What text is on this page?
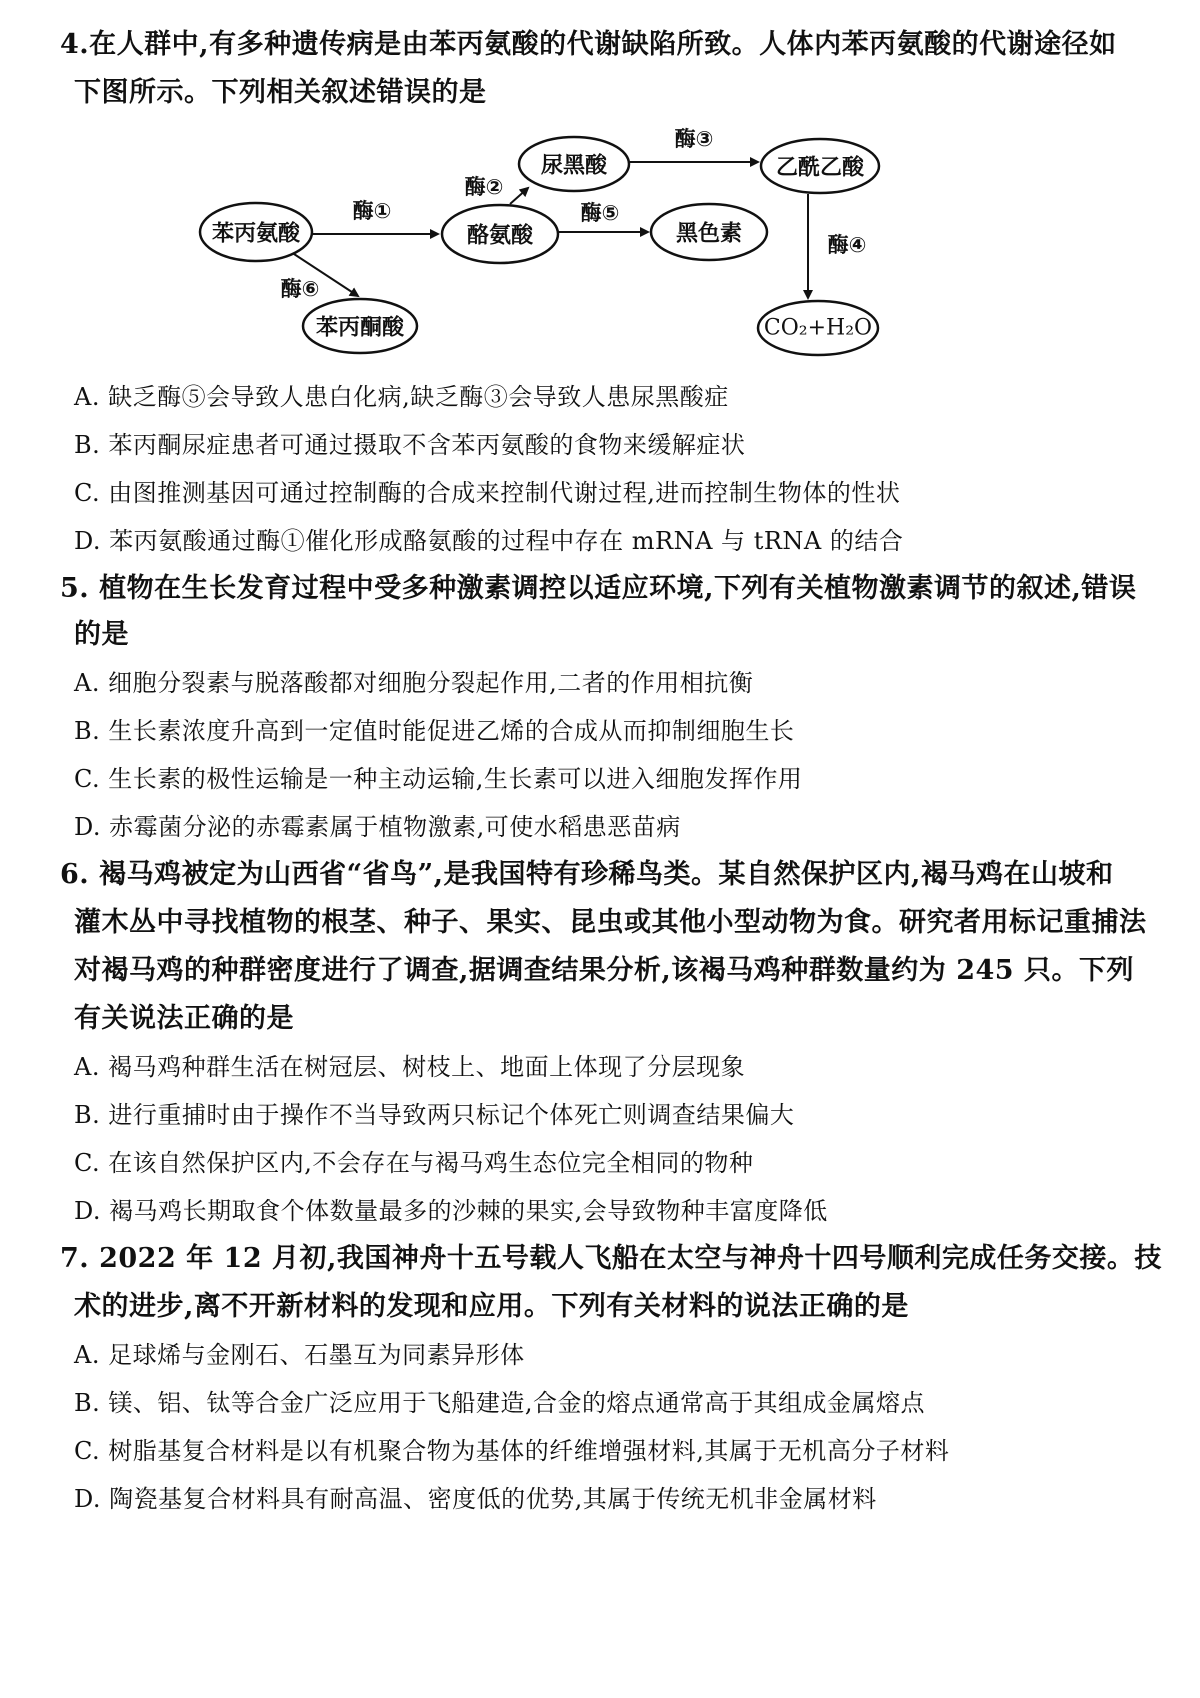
4.在人群中,有多种遗传病是由苯丙氨酸的代谢缺陷所致。人体内苯丙氨酸的代谢途径如
下图所示。下列相关叙述错误的是
苯丙氨酸	酪氨酸
尿黑酸	乙酰乙酸
黑色素
CO₂+H₂O
苯丙酮酸
酶①
酶②
酶③
酶④
酶⑤
酶⑥
A. 缺乏酶⑤会导致人患白化病,缺乏酶③会导致人患尿黑酸症
B. 苯丙酮尿症患者可通过摄取不含苯丙氨酸的食物来缓解症状
C. 由图推测基因可通过控制酶的合成来控制代谢过程,进而控制生物体的性状
D. 苯丙氨酸通过酶①催化形成酪氨酸的过程中存在 mRNA 与 tRNA 的结合
5. 植物在生长发育过程中受多种激素调控以适应环境,下列有关植物激素调节的叙述,错误
的是
A. 细胞分裂素与脱落酸都对细胞分裂起作用,二者的作用相抗衡
B. 生长素浓度升高到一定值时能促进乙烯的合成从而抑制细胞生长
C. 生长素的极性运输是一种主动运输,生长素可以进入细胞发挥作用
D. 赤霉菌分泌的赤霉素属于植物激素,可使水稻患恶苗病
6. 褐马鸡被定为山西省“省鸟”,是我国特有珍稀鸟类。某自然保护区内,褐马鸡在山坡和
灌木丛中寻找植物的根茎、种子、果实、昆虫或其他小型动物为食。研究者用标记重捕法
对褐马鸡的种群密度进行了调查,据调查结果分析,该褐马鸡种群数量约为 245 只。下列
有关说法正确的是
A. 褐马鸡种群生活在树冠层、树枝上、地面上体现了分层现象
B. 进行重捕时由于操作不当导致两只标记个体死亡则调查结果偏大
C. 在该自然保护区内,不会存在与褐马鸡生态位完全相同的物种
D. 褐马鸡长期取食个体数量最多的沙棘的果实,会导致物种丰富度降低
7. 2022 年 12 月初,我国神舟十五号载人飞船在太空与神舟十四号顺利完成任务交接。技
术的进步,离不开新材料的发现和应用。下列有关材料的说法正确的是
A. 足球烯与金刚石、石墨互为同素异形体
B. 镁、铝、钛等合金广泛应用于飞船建造,合金的熔点通常高于其组成金属熔点
C. 树脂基复合材料是以有机聚合物为基体的纤维增强材料,其属于无机高分子材料
D. 陶瓷基复合材料具有耐高温、密度低的优势,其属于传统无机非金属材料
